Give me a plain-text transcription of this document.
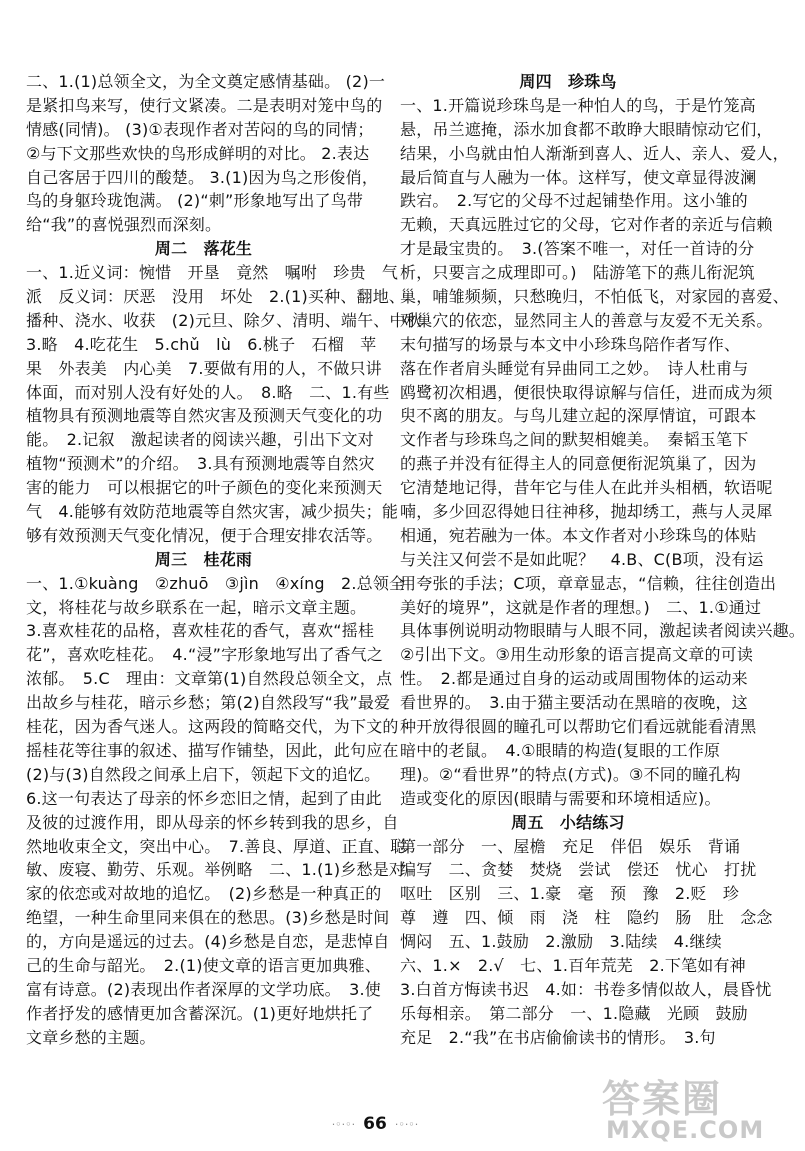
二、1.(1)总领全文，为全文奠定感情基础。 (2)一
是紧扣鸟来写，使行文紧凑。二是表明对笼中鸟的
情感(同情)。 (3)①表现作者对苦闷的鸟的同情；
②与下文那些欢快的鸟形成鲜明的对比。 2.表达
自己客居于四川的酸楚。 3.(1)因为鸟之形俊俏，
鸟的身躯玲珑饱满。 (2)“刺”形象地写出了鸟带
给“我”的喜悦强烈而深刻。
周二　落花生
一、1.近义词：惋惜　开垦　竟然　嘱咐　珍贵　气
派　反义词：厌恶　没用　坏处　2.(1)买种、翻地、
播种、浇水、收获　(2)元旦、除夕、清明、端午、中秋
3.略　4.吃花生　5.chǔ　lù　6.桃子　石榴　苹
果　外表美　内心美　7.要做有用的人，不做只讲
体面，而对别人没有好处的人。　8.略　二、1.有些
植物具有预测地震等自然灾害及预测天气变化的功
能。　2.记叙　激起读者的阅读兴趣，引出下文对
植物“预测术”的介绍。　3.具有预测地震等自然灾
害的能力　可以根据它的叶子颜色的变化来预测天
气　4.能够有效防范地震等自然灾害，减少损失；能
够有效预测天气变化情况，便于合理安排农活等。
周三　桂花雨
一、1.①kuàng　②zhuō　③jìn　④xíng　2.总领全
文，将桂花与故乡联系在一起，暗示文章主题。
3.喜欢桂花的品格，喜欢桂花的香气，喜欢“摇桂
花”，喜欢吃桂花。　4.“浸”字形象地写出了香气之
浓郁。　5.C　理由：文章第(1)自然段总领全文，点
出故乡与桂花，暗示乡愁；第(2)自然段写“我”最爱
桂花，因为香气迷人。这两段的简略交代，为下文的
摇桂花等往事的叙述、描写作铺垫，因此，此句应在
(2)与(3)自然段之间承上启下，领起下文的追忆。
6.这一句表达了母亲的怀乡恋旧之情，起到了由此
及彼的过渡作用，即从母亲的怀乡转到我的思乡，自
然地收束全文，突出中心。　7.善良、厚道、正直、聪
敏、废寝、勤劳、乐观。举例略　二、1.(1)乡愁是对
家的依恋或对故地的追忆。　(2)乡愁是一种真正的
绝望，一种生命里同来俱在的愁思。(3)乡愁是时间
的，方向是遥远的过去。(4)乡愁是自恋，是悲悼自
己的生命与韶光。　2.(1)使文章的语言更加典雅、
富有诗意。(2)表现出作者深厚的文学功底。　3.使
作者抒发的感情更加含蓄深沉。(1)更好地烘托了
文章乡愁的主题。
周四　珍珠鸟
一、1.开篇说珍珠鸟是一种怕人的鸟，于是竹笼高
悬，吊兰遮掩，添水加食都不敢睁大眼睛惊动它们，
结果，小鸟就由怕人渐渐到喜人、近人、亲人、爱人，
最后简直与人融为一体。这样写，使文章显得波澜
跌宕。　2.写它的父母不过起铺垫作用。这小雏的
无赖，天真远胜过它的父母，它对作者的亲近与信赖
才是最宝贵的。　3.(答案不唯一，对任一首诗的分
析，只要言之成理即可。)　陆游笔下的燕儿衔泥筑
巢，哺雏频频，只愁晚归，不怕低飞，对家园的喜爱、
对巢穴的依恋，显然同主人的善意与友爱不无关系。
末句描写的场景与本文中小珍珠鸟陪作者写作、
落在作者肩头睡觉有异曲同工之妙。　诗人杜甫与
鸥鹭初次相遇，便很快取得谅解与信任，进而成为须
臾不离的朋友。与鸟儿建立起的深厚情谊，可跟本
文作者与珍珠鸟之间的默契相媲美。　秦韬玉笔下
的燕子并没有征得主人的同意便衔泥筑巢了，因为
它清楚地记得，昔年它与佳人在此并头相栖，软语呢
喃，多少回忍得她日往神移，抛却绣工，燕与人灵犀
相通，宛若融为一体。本文作者对小珍珠鸟的体贴
与关注又何尝不是如此呢？　4.B、C(B项，没有运
用夸张的手法；C项，章章显志，“信赖，往往创造出
美好的境界”，这就是作者的理想。)　二、1.①通过
具体事例说明动物眼睛与人眼不同，激起读者阅读兴趣。
②引出下文。③用生动形象的语言提高文章的可读
性。　2.都是通过自身的运动或周围物体的运动来
看世界的。　3.由于猫主要活动在黑暗的夜晚，这
种开放得很圆的瞳孔可以帮助它们看远就能看清黑
暗中的老鼠。　4.①眼睛的构造(复眼的工作原
理)。②“看世界”的特点(方式)。③不同的瞳孔构
造或变化的原因(眼睛与需要和环境相适应)。
周五　小结练习
第一部分　一、屋檐　充足　伴侣　娱乐　背诵
编写　二、贪婪　焚烧　尝试　偿还　忧心　打扰
呕吐　区别　三、1.豪　毫　预　豫　2.贬　珍
尊　遵　四、倾　雨　浇　柱　隐约　肠　肚　念念
惆闷　五、1.鼓励　2.激励　3.陆续　4.继续
六、1.×　2.√　七、1.百年荒芜　2.下笔如有神
3.白首方悔读书迟　4.如：书卷多情似故人，晨昏忧
乐每相亲。　第二部分　一、1.隐藏　光顾　鼓励
充足　2.“我”在书店偷偷读书的情形。　3.句
·◦·◦· 66 ·◦·◦·
答案圈
MXQE.COM
